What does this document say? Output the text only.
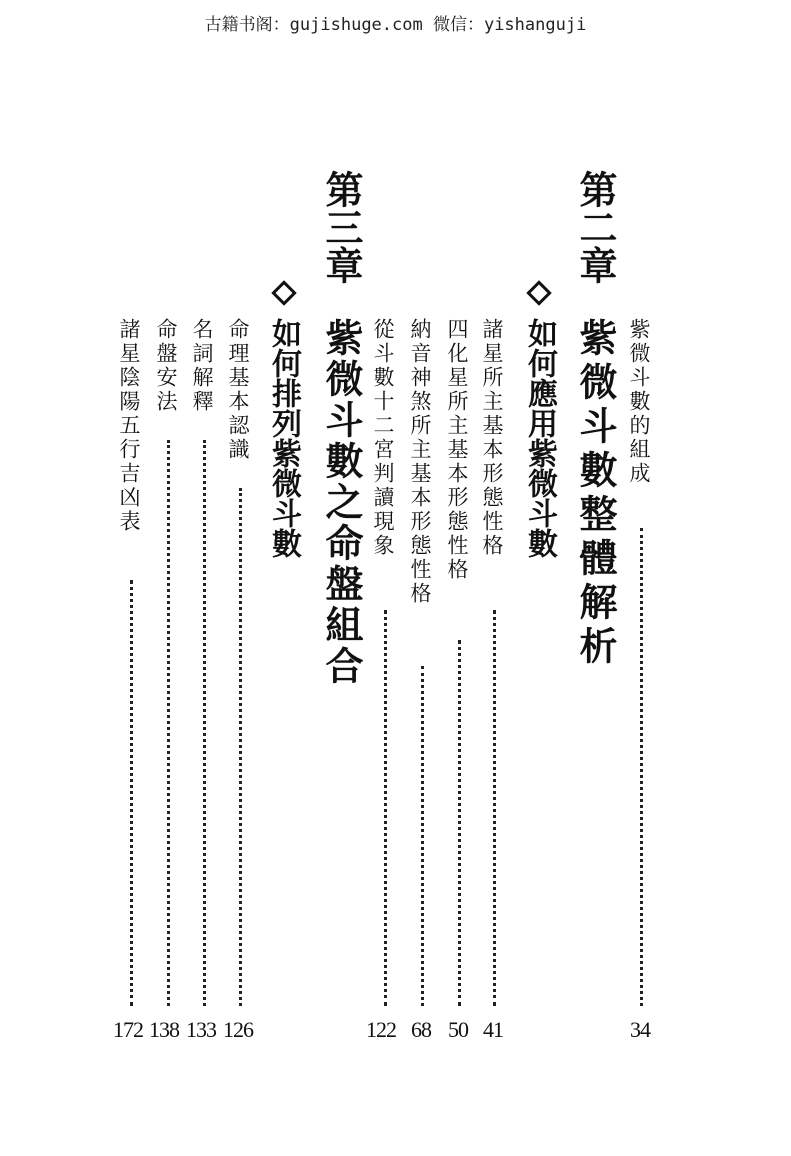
古籍书阁：gujishuge.com 微信：yishanguji
第二章
紫微斗數整體解析 紫微斗數的組成
34
如何應用紫微斗數
諸星所主基本形態性格
41
四化星所主基本形態性格
50
納音神煞所主基本形態性格
68
從斗數十二宮判讀現象
122
第三章
紫微斗數之命盤組合
如何排列紫微斗數
命理基本認識
126
名詞解釋
133
命盤安法
138
諸星陰陽五行吉凶表
172
